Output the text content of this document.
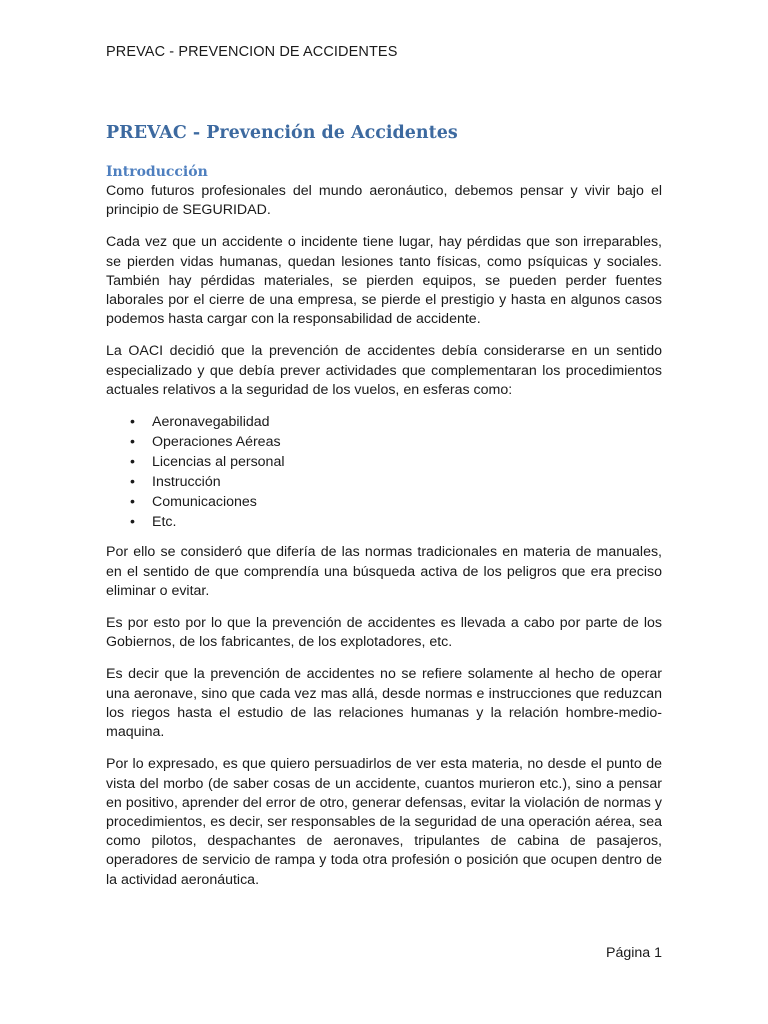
PREVAC - PREVENCION DE ACCIDENTES
PREVAC - Prevención de Accidentes
Introducción

Como futuros profesionales del mundo aeronáutico, debemos pensar y vivir bajo el principio de SEGURIDAD.

Cada vez que un accidente o incidente tiene lugar, hay pérdidas que son irreparables, se pierden vidas humanas, quedan lesiones tanto físicas, como psíquicas y sociales. También hay pérdidas materiales, se pierden equipos, se pueden perder fuentes laborales por el cierre de una empresa, se pierde el prestigio y hasta en algunos casos podemos hasta cargar con la responsabilidad de accidente.

La OACI decidió que la prevención de accidentes debía considerarse en un sentido especializado y que debía prever actividades que complementaran los procedimientos actuales relativos a la seguridad de los vuelos, en esferas como:

• Aeronavegabilidad
• Operaciones Aéreas
• Licencias al personal
• Instrucción
• Comunicaciones
• Etc.

Por ello se consideró que difería de las normas tradicionales en materia de manuales, en el sentido de que comprendía una búsqueda activa de los peligros que era preciso eliminar o evitar.

Es por esto por lo que la prevención de accidentes es llevada a cabo por parte de los Gobiernos, de los fabricantes, de los explotadores, etc.

Es decir que la prevención de accidentes no se refiere solamente al hecho de operar una aeronave, sino que cada vez mas allá, desde normas e instrucciones que reduzcan los riegos hasta el estudio de las relaciones humanas y la relación hombre-medio-maquina.

Por lo expresado, es que quiero persuadirlos de ver esta materia, no desde el punto de vista del morbo (de saber cosas de un accidente, cuantos murieron etc.), sino a pensar en positivo, aprender del error de otro, generar defensas, evitar la violación de normas y procedimientos, es decir, ser responsables de la seguridad de una operación aérea, sea como pilotos, despachantes de aeronaves, tripulantes de cabina de pasajeros, operadores de servicio de rampa y toda otra profesión o posición que ocupen dentro de la actividad aeronáutica.

Página 1
